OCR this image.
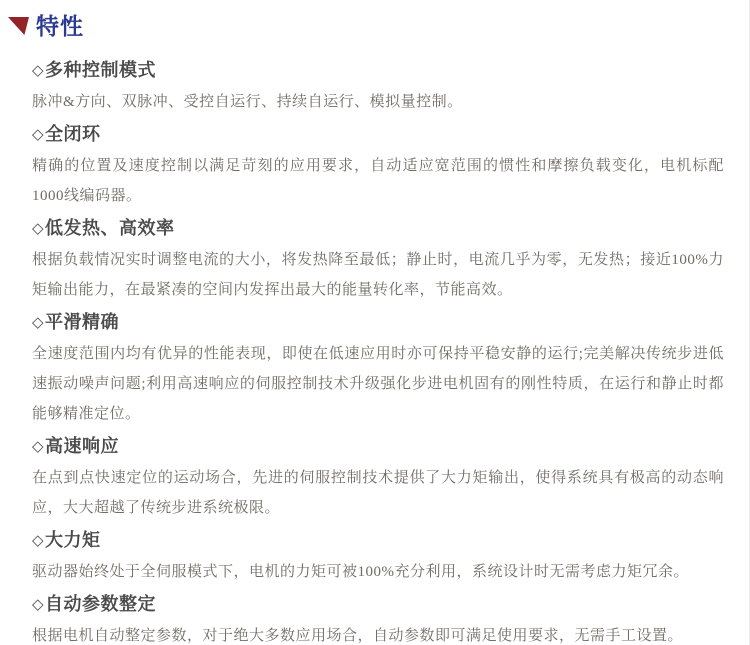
特性
◇多种控制模式

脉冲&方向、双脉冲、受控自运行、持续自运行、模拟量控制。

◇全闭环

精确的位置及速度控制以满足苛刻的应用要求，自动适应宽范围的惯性和摩擦负载变化，电机标配1000线编码器。

◇低发热、高效率

根据负载情况实时调整电流的大小，将发热降至最低；静止时，电流几乎为零，无发热；接近100%力矩输出能力，在最紧凑的空间内发挥出最大的能量转化率，节能高效。

◇平滑精确

全速度范围内均有优异的性能表现，即使在低速应用时亦可保持平稳安静的运行;完美解决传统步进低速振动噪声问题;利用高速响应的伺服控制技术升级强化步进电机固有的刚性特质，在运行和静止时都能够精准定位。

◇高速响应

在点到点快速定位的运动场合，先进的伺服控制技术提供了大力矩输出，使得系统具有极高的动态响应，大大超越了传统步进系统极限。

◇大力矩

驱动器始终处于全伺服模式下，电机的力矩可被100%充分利用，系统设计时无需考虑力矩冗余。

◇自动参数整定

根据电机自动整定参数，对于绝大多数应用场合，自动参数即可满足使用要求，无需手工设置。
